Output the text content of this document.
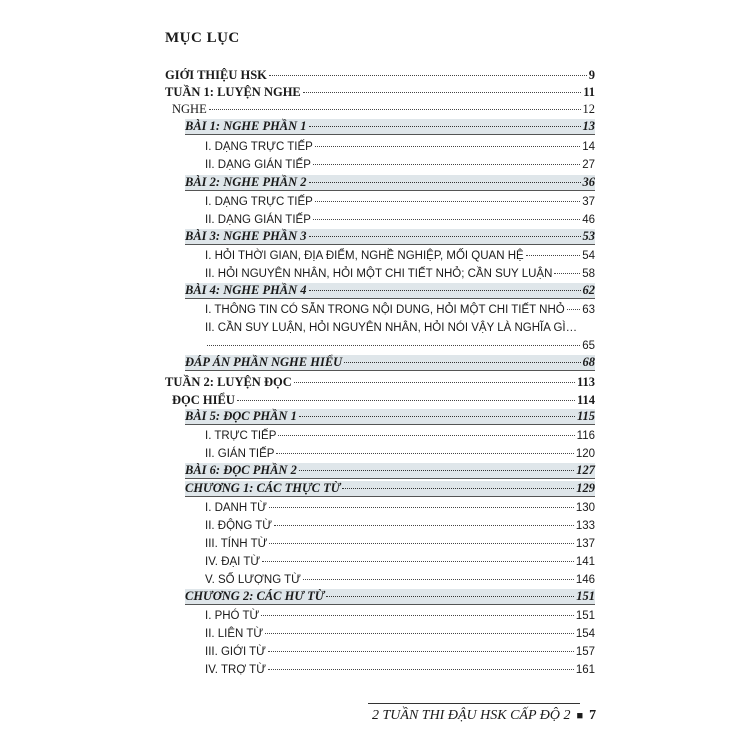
MỤC LỤC
GIỚI THIỆU HSK	9
TUẦN 1: LUYỆN NGHE	11
NGHE	12
BÀI 1: NGHE PHẦN 1	13
I. DẠNG TRỰC TIẾP	14
II. DẠNG GIÁN TIẾP	27
BÀI 2: NGHE PHẦN 2	36
I. DẠNG TRỰC TIẾP	37
II. DẠNG GIÁN TIẾP	46
BÀI 3: NGHE PHẦN 3	53
I. HỎI THỜI GIAN, ĐỊA ĐIỂM, NGHỀ NGHIỆP, MỐI QUAN HỆ	54
II. HỎI NGUYÊN NHÂN, HỎI MỘT CHI TIẾT NHỎ; CẦN SUY LUẬN	58
BÀI 4: NGHE PHẦN 4	62
I. THÔNG TIN CÓ SẴN TRONG NỘI DUNG, HỎI MỘT CHI TIẾT NHỎ 63
II. CẦN SUY LUẬN, HỎI NGUYÊN NHÂN, HỎI NÓI VẬY LÀ NGHĨA GÌ…
65
ĐÁP ÁN PHẦN NGHE HIỂU	68
TUẦN 2: LUYỆN ĐỌC	113
ĐỌC HIỂU	114
BÀI 5: ĐỌC PHẦN 1	115
I. TRỰC TIẾP	116
II. GIÁN TIẾP	120
BÀI 6: ĐỌC PHẦN 2	127
CHƯƠNG 1: CÁC THỰC TỪ	129
I. DANH TỪ	130
II. ĐỘNG TỪ	133
III. TÍNH TỪ	137
IV. ĐẠI TỪ	141
V. SỐ LƯỢNG TỪ	146
CHƯƠNG 2: CÁC HƯ TỪ	151
I. PHÓ TỪ	151
II. LIÊN TỪ	154
III. GIỚI TỪ	157
IV. TRỢ TỪ	161
2 TUẦN THI ĐẬU HSK CẤP ĐỘ 2 ■ 7
